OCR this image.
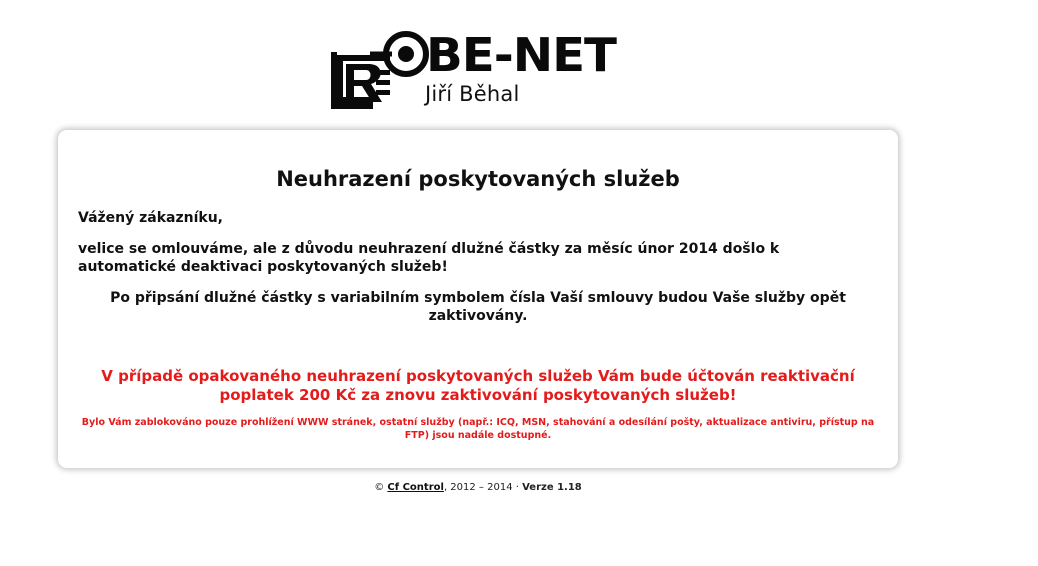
BE-NET
Jiří Běhal
Neuhrazení poskytovaných služeb
Vážený zákazníku,
velice se omlouváme, ale z důvodu neuhrazení dlužné částky za měsíc únor 2014 došlo k automatické deaktivaci poskytovaných služeb!
Po připsání dlužné částky s variabilním symbolem čísla Vaší smlouvy budou Vaše služby opět zaktivovány.
V případě opakovaného neuhrazení poskytovaných služeb Vám bude účtován reaktivační poplatek 200 Kč za znovu zaktivování poskytovaných služeb!
Bylo Vám zablokováno pouze prohlížení WWW stránek, ostatní služby (např.: ICQ, MSN, stahování a odesílání pošty, aktualizace antiviru, přístup na FTP) jsou nadále dostupné.
© Cf Control, 2012 – 2014 · Verze 1.18
